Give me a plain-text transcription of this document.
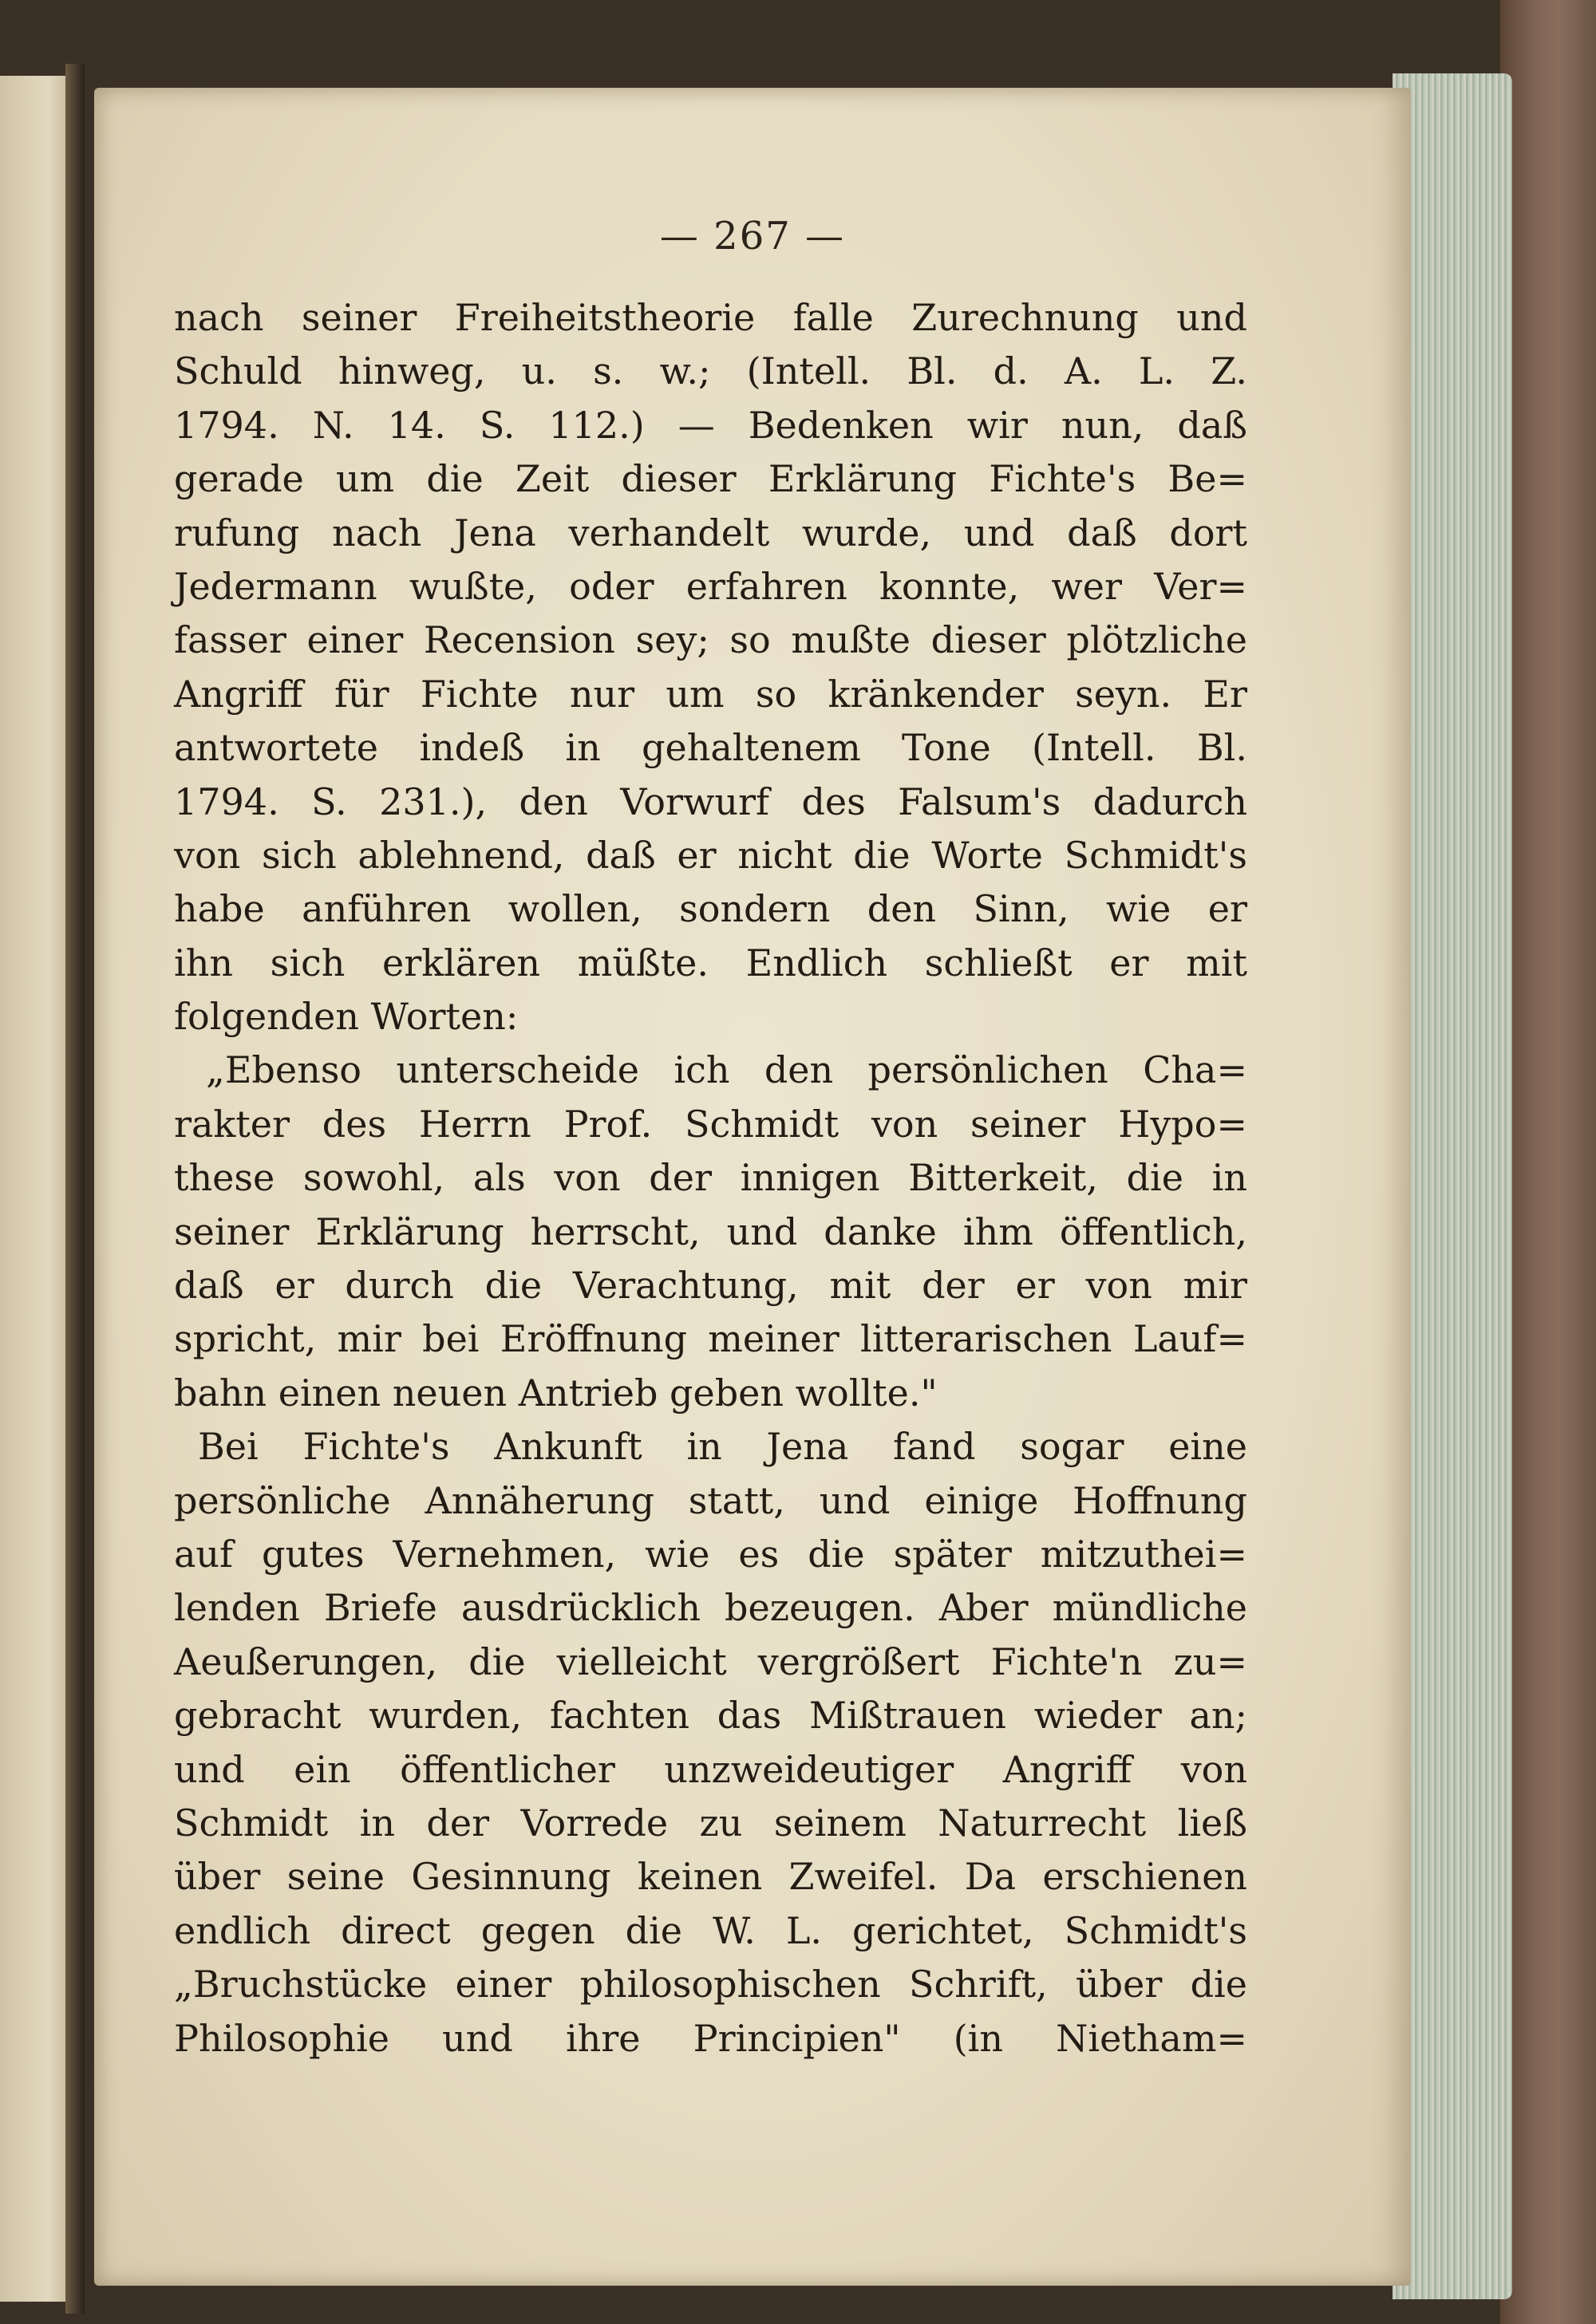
— 267 —
nach seiner Freiheitstheorie falle Zurechnung und
Schuld hinweg, u. s. w.; (Intell. Bl. d. A. L. Z.
1794. N. 14. S. 112.) — Bedenken wir nun, daß
gerade um die Zeit dieser Erklärung Fichte's Be=
rufung nach Jena verhandelt wurde, und daß dort
Jedermann wußte, oder erfahren konnte, wer Ver=
fasser einer Recension sey; so mußte dieser plötzliche
Angriff für Fichte nur um so kränkender seyn. Er
antwortete indeß in gehaltenem Tone (Intell. Bl.
1794. S. 231.), den Vorwurf des Falsum's dadurch
von sich ablehnend, daß er nicht die Worte Schmidt's
habe anführen wollen, sondern den Sinn, wie er
ihn sich erklären müßte. Endlich schließt er mit
folgenden Worten:
„Ebenso unterscheide ich den persönlichen Cha=
rakter des Herrn Prof. Schmidt von seiner Hypo=
these sowohl, als von der innigen Bitterkeit, die in
seiner Erklärung herrscht, und danke ihm öffentlich,
daß er durch die Verachtung, mit der er von mir
spricht, mir bei Eröffnung meiner litterarischen Lauf=
bahn einen neuen Antrieb geben wollte."
Bei Fichte's Ankunft in Jena fand sogar eine
persönliche Annäherung statt, und einige Hoffnung
auf gutes Vernehmen, wie es die später mitzuthei=
lenden Briefe ausdrücklich bezeugen. Aber mündliche
Aeußerungen, die vielleicht vergrößert Fichte'n zu=
gebracht wurden, fachten das Mißtrauen wieder an;
und ein öffentlicher unzweideutiger Angriff von
Schmidt in der Vorrede zu seinem Naturrecht ließ
über seine Gesinnung keinen Zweifel. Da erschienen
endlich direct gegen die W. L. gerichtet, Schmidt's
„Bruchstücke einer philosophischen Schrift, über die
Philosophie und ihre Principien" (in Nietham=
